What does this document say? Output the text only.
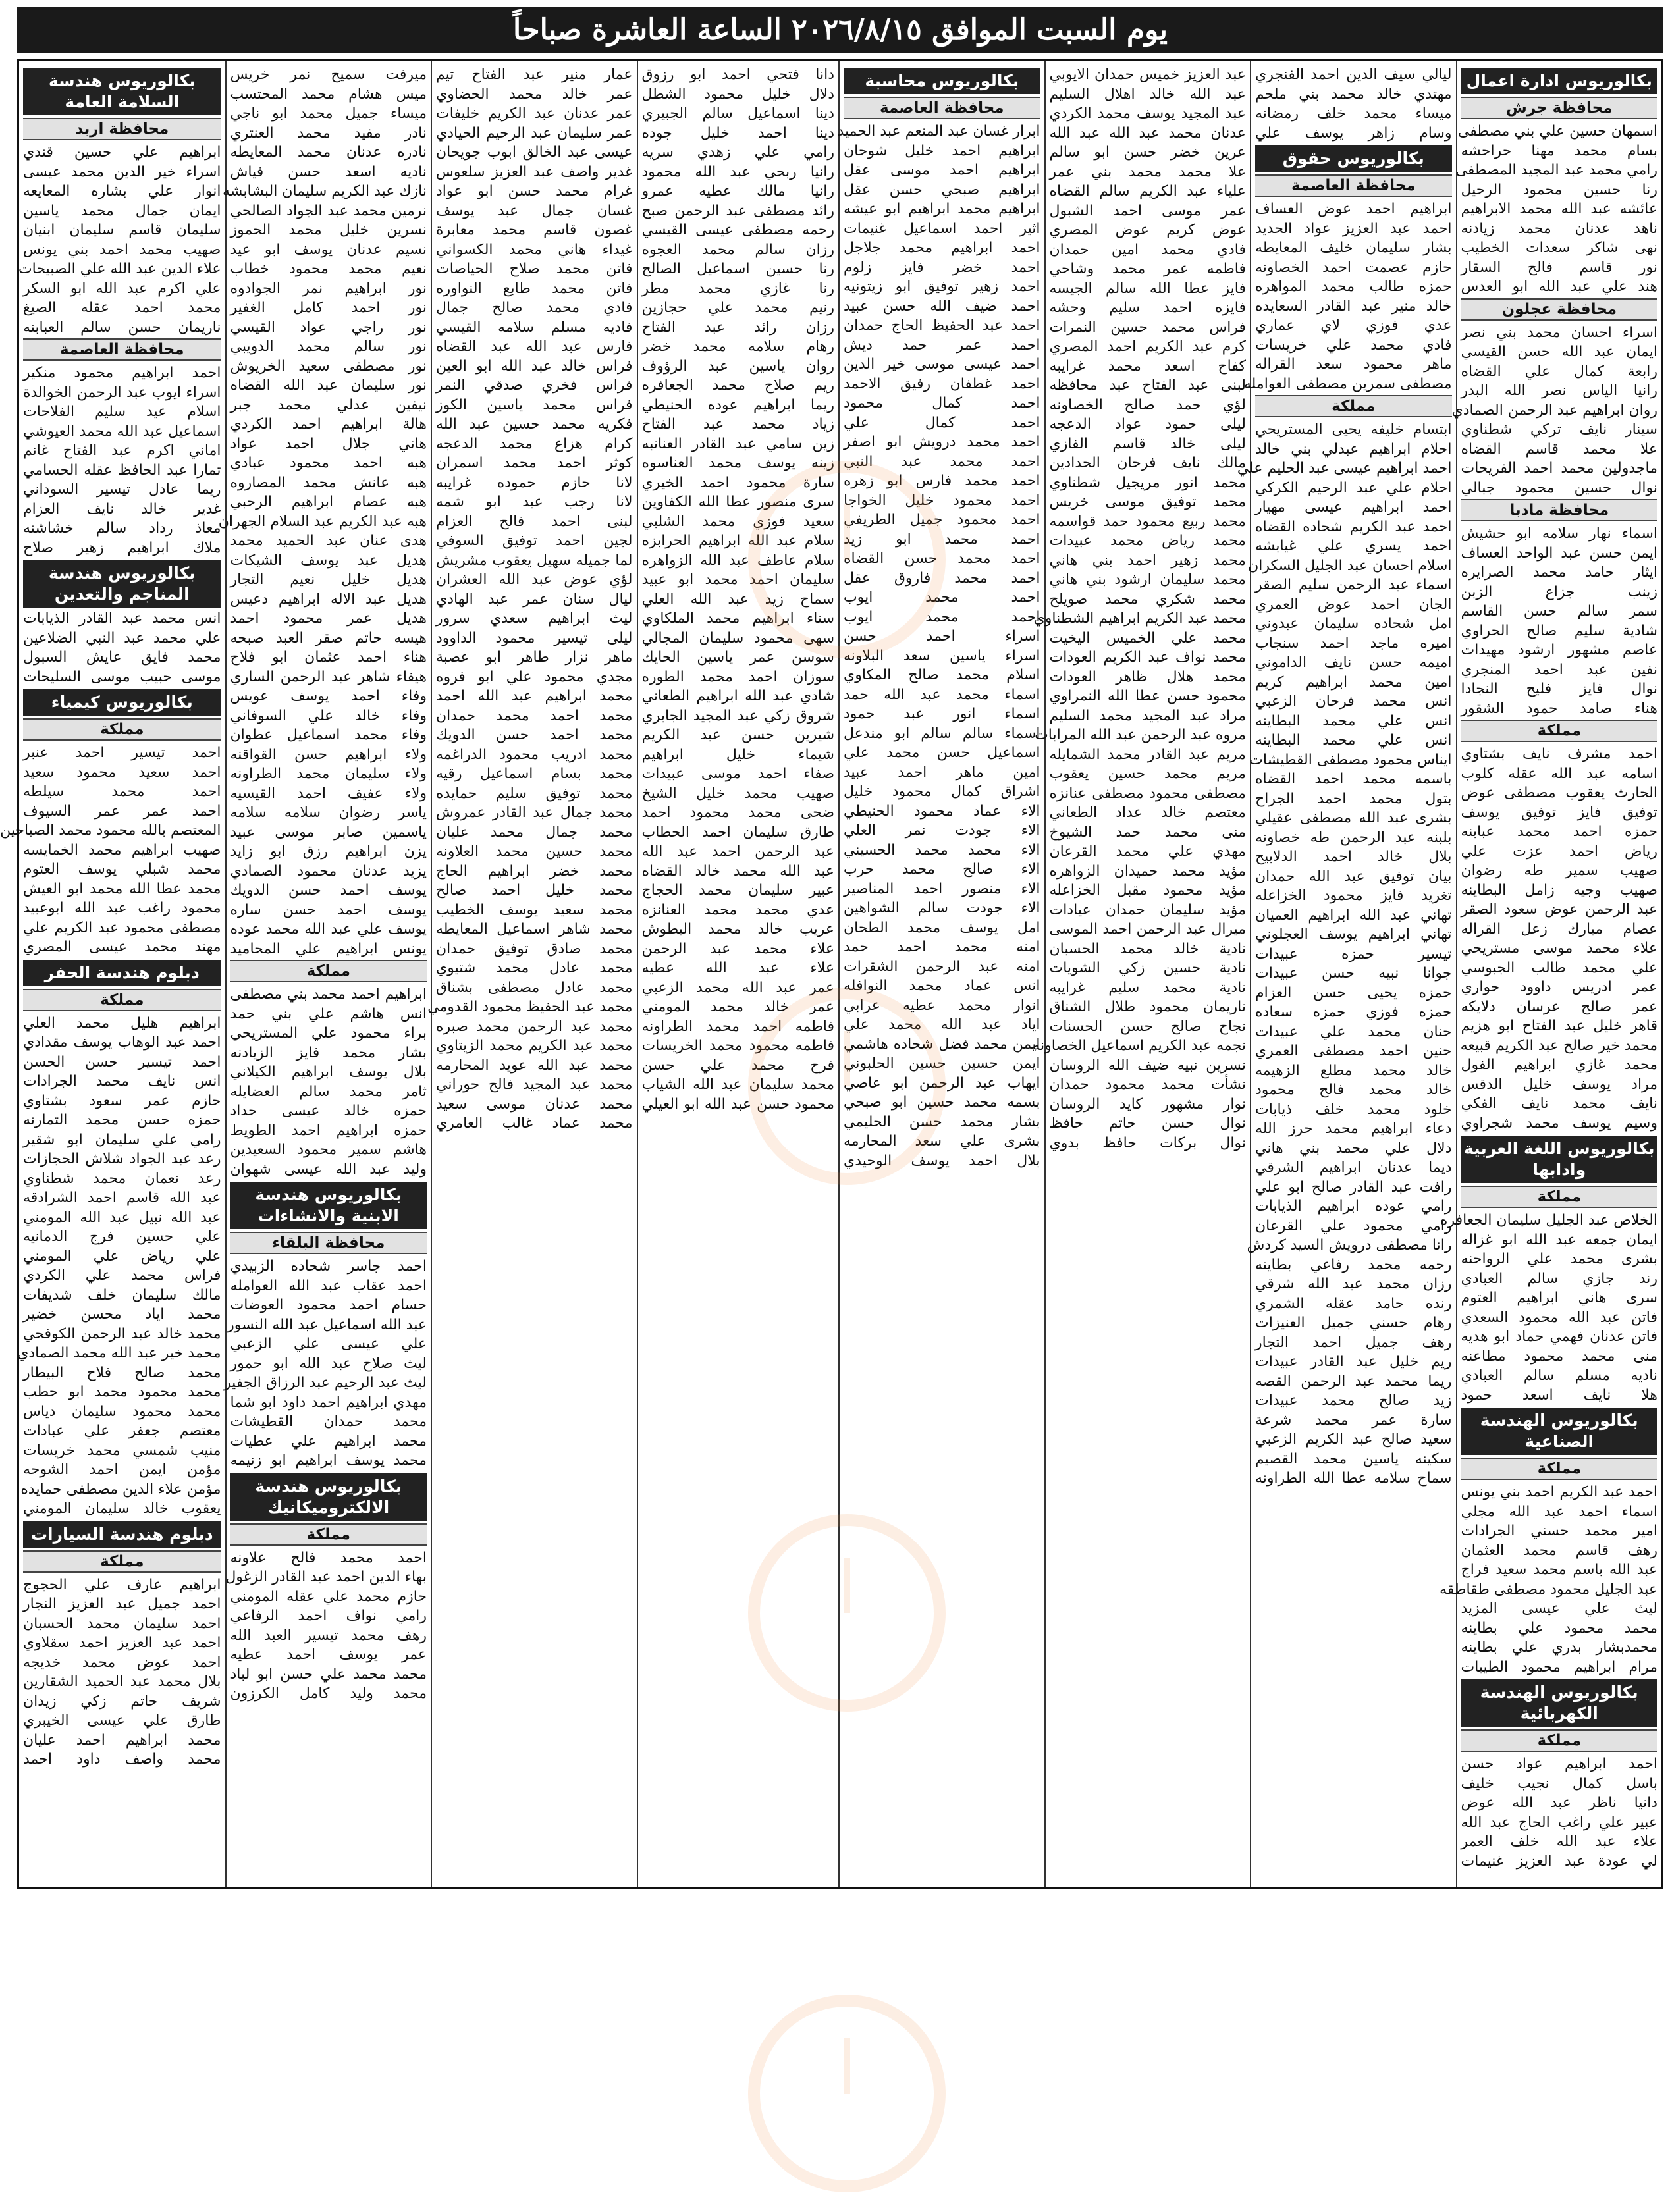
يوم السبت الموافق ٢٠٢٦/٨/١٥ الساعة العاشرة صباحاً
بكالوريوس ادارة اعمال
محافظة جرش
اسمهان حسين علي بني مصطفى
بسام محمد مهنا حراحشه
رامي محمد عبد المجيد المصطفى
رنا حسين محمود الرحيل
عائشه عبد الله محمد الابراهيم
ناهد عدنان محمد زيادنه
نهى شاكر سعدات الخطيب
نور قاسم فالح السقار
هند علي عبد الله ابو العدس
محافظة عجلون
اسراء احسان محمد بني نصر
ايمان عبد الله حسن القيسي
رابعة كمال علي القضاه
رانيا الياس نصر الله البدر
روان ابراهيم عبد الرحمن الصمادي
سينار نايف تركي شطناوي
علا محمد قاسم القضاه
ماجدولين محمد احمد الفريحات
نوال حسين محمود جبالي
محافظة مادبا
اسماء نهار سلامه ابو حشيش
ايمن حسن عبد الواحد العساف
ايثار حامد محمد الصرايره
زينب جزاع الزبن
سمر سالم حسن القاسم
شادية سليم صالح الحراوي
عاصم مشهور ارشود مهيدات
نفين عبد احمد المنجري
نوال فايز فليح النجادا
هناء صامد حمود الشقور
مملكة
احمد مشرف نايف بشتاوي
اسامه عبد الله عقله كلوب
الحارث يعقوب مصطفى عوض
توفيق فايز توفيق يوسف
حمزه احمد محمد عبابنه
رياض احمد عزت علي
صهيب سمير طه رضوان
صهيب وجيه زامل البطاينه
عبد الرحمن عوض سعود الصقر
عصام مبارك زعل القراله
علاء محمد موسى مستريحي
علي محمد طالب الجبوسي
عمر ادريس داوود حواري
عمر صالح عرسان دلايكه
قاهر خليل عبد الفتاح ابو هزيم
محمد خير صالح عبد الكريم قبيعه
محمد غازي ابراهيم الفول
مراد يوسف خليل الدقس
نايف محمد نايف الفكي
وسيم يوسف محمد شجراوي
بكالوريوس اللغة العربية وادابها
مملكة
الخلاص عبد الجليل سليمان الجعافره
ايمان جمعه عبد الله ابو غزاله
بشرى محمد علي الرواحنه
رند جازي سالم العبادي
سرى هاني ابراهيم العتوم
فاتن عبد الله محمود السعدي
فاتن عدنان فهمي حماد ابو هديه
منى محمد محمود مطاعنه
ناديه مسلم سالم العبادي
هلا نايف اسعد حمود
بكالوريوس الهندسة الصناعية
مملكة
احمد عبد الكريم احمد بني يونس
اسماء احمد عبد الله مجلي
امير محمد حسني الجرادات
رهف قاسم محمد العثمان
عبد الله باسم محمد سعيد فراج
عبد الجليل محمود مصطفى طقاطقه
ليث علي عيسى المزيد
محمد محمود علي بطاينه
محمدبشار بدري علي بطاينه
مرام ابراهيم محمود الطيبات
بكالوريوس الهندسة الكهربائية
مملكة
احمد ابراهيم عواد حسن
باسل كمال نجيب خليف
دانيا ناظر عبد الله عوض
عبير علي راغب الحاج عبد الله
علاء عبد الله خلف العمر
لي عودة عبد العزيز غنيمات
ليالي سيف الدين احمد الفنجري
مهتدي خالد محمد بني ملحم
ميساء محمد خلف رمضانه
وسام زاهر يوسف علي
بكالوريوس حقوق
محافظة العاصمة
ابراهيم احمد عوض العساف
احمد عبد العزيز عواد الحديد
بشار سليمان خليف المعايطه
حازم عصمت احمد الخصاونه
حمزه طالب محمد المواهره
خالد منير عبد القادر السعايده
عدي فوزي لاي عماري
فادي محمد علي خريسات
ماهر محمود سعد القراله
مصطفى سمرين مصطفى العوامله
مملكة
ابتسام خليفه يحيى المستريحي
احلام ابراهيم عبدلي بني خالد
احمد ابراهيم عيسى عبد الحليم علي
احلام علي عبد الرحيم الكركي
احمد ابراهيم عيسى مهيار
احمد عبد الكريم شحاده القضاه
احمد يسري علي غيابشه
اسلام احسان عبد الجليل السكران
اسماء عبد الرحمن سليم الصقر
الجان احمد عوض العمري
امل شحاده سليمان عبدوني
اميره ماجد احمد سنجاب
اميمه حسن نايف الداموني
امين محمد ابراهيم كريم
انس محمد فرحان الزعبي
انس علي محمد البطاينه
انس علي محمد البطاينه
ايناس محمود مصطفى القطيشات
باسمه محمد احمد القضاه
بتول محمد احمد الجراح
بشرى عبد الله مصطفى عقيلي
بلبنه عبد الرحمن طه خصاونه
بلال خالد احمد الدلابيح
بيان توفيق عبد الله حمدان
تغريد فايز محمود الخزاعله
تهاني عبد الله ابراهيم العميان
تهاني ابراهيم يوسف العجلوني
تيسير حمزه عبيدات
جوانا نبيه حسن عبيدات
حمزه يحيى حسن العزام
حمزه فوزي حمزه سعاده
حنان محمد علي عبيدات
حنين احمد مصطفى العمري
خالد محمد مطلع الزهيمه
خالد محمد فالح محمود
خلود محمد خلف ذيابات
دعاء ابراهيم محمد حرز الله
دلال علي محمد بني هاني
ديما عدنان ابراهيم الشرقي
رافت عبد القادر صالح ابو علي
رامي عوده ابراهيم الذيابات
رامي محمود علي القرعان
رانا مصطفى درويش السيد كردش
رحمه محمد رفاعي بطاينه
رزان محمد عبد الله شرقي
رنده حامد عقله الشمري
رهام حسني جميل العنيزات
رهف جميل احمد التجار
ريم خليل عبد القادر عبيدات
ريما محمد عبد الرحمن القصه
زيد صالح محمد عبيدات
سارة عمر محمد شرعة
سعيد صالح عبد الكريم الزعبي
سكينه ياسين محمد القصيم
سماح سلامه عطا الله الطراونه
عبد العزيز خميس حمدان الايوبي
عبد الله خالد اهلال السليم
عبد المجيد يوسف محمد الكردي
عدنان محمد عبد الله عبد الله
عرين خضر حسن ابو سالم
علا محمد محمد بني عمر
علياء عبد الكريم سالم القضاه
عمر موسى احمد الشبول
عوض كريم عوض المصري
فادي محمد امين حمدان
فاطمه عمر محمد وشاحي
فايز عطا الله سالم الجيسه
فايزه احمد سليم وحشه
فراس محمد حسين النمرات
كرم عبد الكريم احمد المصري
كفاح اسعد محمد غرايبه
لبنى عبد الفتاح عبد محافظه
لؤي حمد صالح الخصاونه
ليلى حمود عواد الدعجه
ليلى خالد قاسم الفازي
مالك نايف فرحان الحدادين
محمد انور مريجيل شطناوي
محمد توفيق موسى خريس
محمد ربيع محمود حمد قواسمه
محمد رياض محمد عبيدات
محمد زهير احمد بني هاني
محمد سليمان ارشود بني هاني
محمد شكري محمد صويلح
محمد عبد الكريم ابراهيم الشطناوي
محمد علي الخميس اليخيت
محمد نواف عبد الكريم العودات
محمد هلال ظاهر العودات
محمود حسن عطا الله النمراوي
مراد عبد المجيد محمد السليم
مروه عبد الرحمن عبد الله المرابات
مريم عبد القادر محمد الشمايله
مريم محمد حسين يعقوب
مصطفى محمود مصطفى عنانزه
معتصم خالد عداد الطعاني
منى محمد حمد الشيوخ
مهدي علي محمد القرعان
مؤيد محمد حميدان الزواهره
مؤيد محمود مقبل الخزاعله
مؤيد سليمان حمدان عيادات
ميرال عبد الرحمن احمد الموسى
نادية خالد محمد الحسبان
نادية حسين زكي الشويات
نادية محمد سليم غرايبه
ناريمان محمود طلال الشناق
نجاح صالح حسن الحسنات
نجمه عبد الكريم اسماعيل الخصاونه
نسرين نبيه ضيف الله الروسان
نشأت محمد محمود حمدان
نوار مشهور كايد الروسان
نوال حسن حاتم حافظ
نوال بركات حافظ بدوي
بكالوريوس محاسبة
محافظة العاصمة
ابرار غسان عبد المنعم عبد الحميد
ابراهيم احمد خليل شوحان
ابراهيم احمد موسى عقل
ابراهيم صبحي حسن عقل
ابراهيم محمد ابراهيم ابو عيشه
اثير احمد اسماعيل غنيمات
احمد ابراهيم محمد جلاجل
احمد خضر فايز زلوم
احمد زهير توفيق ابو زيتونيه
احمد ضيف الله حسن عبيد
احمد عبد الحفيظ الحاج حمدان
احمد عمر حمد ديش
احمد عيسى موسى خير الدين
احمد غطفان رفيق الاحمد
احمد كمال محمود
احمد كمال علي
احمد محمد درويش ابو اصفر
احمد محمد عبد النبي
احمد محمد فارس ابو زهره
احمد محمود خليل الخواجا
احمد محمود جميل الطريفي
احمد محمد ابو زيد
احمد محمد حسن القضاه
احمد محمد فاروق عقل
احمد محمد ايوب
احمد محمد ايوب
اسراء احمد حسن
اسراء ياسين سعد البلاونه
اسلام محمد صالح المكاوي
اسماء محمد عبد الله حمد
اسماء انور عبد حمود
اسماء سالم سالم ابو مندعل
اسماعيل حسن محمد علي
امين ماهر احمد عبيد
اشراق كمال محمود خليل
الاء عماد محمود الحنيطي
الاء جودت نمر العلي
الاء محمد محمد الحسيني
الاء صالح محمد حرب
الاء منصور احمد المناصير
الاء جودت سالم الشواهين
امل يوسف محمد الطحان
امنه محمد احمد حمد
امنه عبد الرحمن الشقرات
انس عماد محمد النوافله
انوار محمد عطيه عرابي
اياد عبد الله محمد علي
ايمن محمد فضل شحاده هاشمي
ايمن حسين حسين الحلبوني
ايهاب عبد الرحمن ابو عاصي
بسمه محمد حسين ابو صبحي
بشار محمد حسن الحليمي
بشرى علي سعد المحارمه
بلال احمد يوسف الوحيدي
دانا فتحي احمد ابو رزوق
دلال خليل محمود الشطل
دينا اسماعيل سالم الجبيري
دينا احمد خليل جوده
رامي علي زهدي سريه
رانيا ربحي عبد الله محمود
رانيا مالك عطيه عمرو
رائد مصطفى عبد الرحمن صبح
رحمه مصطفى عيسى القيسي
رزان سالم محمد العجوه
رنا حسين اسماعيل الصالح
رنا غازي محمد مطر
رنيم محمد علي حجازين
رزان رائد عبد الفتاح
رهام سلامه محمد خضر
روان ياسين عبد الرؤوف
ريم صلاح محمد الجعافره
ريما ابراهيم عوده الحنيطي
زياد محمد عبد الفتاح
زين سامي عبد القادر العنانبه
زينه يوسف محمد العناسوه
سارة محمود احمد الخيري
سرى منصور عطا الله الكفاوين
سعيد فوزي محمد الشلبي
سلام عبد الله ابراهيم الحرابزه
سلام عاطف عبد الله الزواهره
سليمان احمد محمد ابو عبيد
سماح زيد عبد الله العلي
سناء ابراهيم محمد الملكاوي
سهى محمود سليمان المجالي
سوسن عمر ياسين الحايك
سوزان احمد محمد الطوره
شادي عبد الله ابراهيم الطعاني
شروق زكي عبد المجيد الجابري
شيرين حسن عبد الكريم
شيماء خليل ابراهيم
صفاء احمد موسى عبيدات
صهيب محمد خليل الشيخ
ضحى محمد محمود احمد
طارق سليمان احمد الحطاب
عبد الرحمن احمد عبد الله
عبد الله محمد خالد القضاه
عبير سليمان محمد الحجاج
عدي محمد محمد العنانزه
عريب خالد محمد البطوش
علاء محمد عبد الرحمن
علاء عبد الله عطيه
عمر عبد الله محمد الزعبي
عمر خالد محمد المومني
فاطمه احمد محمد الطراونه
فاطمه محمود محمد الخريسات
فرح محمد علي حسن
محمد سليمان عبد الله الشياب
محمود حسن عبد الله ابو العيلي
عمار منير عبد الفتاح تيم
عمر خالد محمد الحضاوي
عمر عدنان عبد الكريم خليفات
عمر سليمان عبد الرحيم الحيادي
عيسى عبد الخالق ابوب جويحان
غدير واصف عبد العزيز سلعوس
غرام محمد حسن ابو عواد
غسان جمال عبد يوسف
غصون قاسم محمد معابرة
غيداء هاني محمد الكسواني
فاتن محمد صلاح الحياصات
فاتن محمد طابع النواوره
فادي محمد صالح جمال
فاديه مسلم سلامه القيسي
فارس عبد الله عبد القضاه
فراس خالد عبد الله ابو العين
فراس فخري صدقي النمر
فراس محمد ياسين الكوز
فكريه محمد حسين عبد الله
كرام هزاع محمد الدعجه
كوثر احمد محمد اسمران
لانا حازم حموده غرايبه
لانا رجب عبد ابو شمه
لبنى احمد فالح العزام
لجين احمد توفيق السوفي
لما جميله سهيل يعقوب مشريش
لؤي عوض عبد الله العشران
ليال سنان عمر عبد الهادي
ليث ابراهيم سعدي سرور
ليلى تيسير محمود الداوود
ماهر نزار طاهر ابو عصبة
مجدي محمود علي ابو فروه
محمد ابراهيم عبد الله احمد
محمد احمد محمد حمدان
محمد احمد حسن الدويك
محمد ادريب محمود الدراغمه
محمد بسام اسماعيل رقيه
محمد توفيق سليم حمايده
محمد جمال عبد القادر عمروش
محمد جمال محمد عليان
محمد حسين محمد العلاونه
محمد خضر ابراهيم الحاج
محمد خليل احمد صالح
محمد سعيد يوسف الخطيب
محمد شاهر اسماعيل المعايطه
محمد صادق توفيق حمدان
محمد عادل محمد شتيوي
محمد عادل مصطفى بشناق
محمد عبد الحفيظ محمود القدومي
محمد عبد الرحمن محمد صبره
محمد عبد الكريم محمد الزيتاوي
محمد عبد الله عويد المحارمه
محمد عبد المجيد فالح حوراني
محمد عدنان موسى سعيد
محمد عماد غالب العامري
ميرفت سميح نمر خريس
ميس هشام محمد المحتسب
ميساء جميل محمد ابو ناجي
نادر مفيد محمد العنتري
نادره عدنان محمد المعايطه
ناديه اسعد حسن فياش
نازك عبد الكريم سليمان البشابشه
نرمين محمد عبد الجواد الصالحي
نسرين خليل محمد الحموز
نسيم عدنان يوسف ابو عيد
نعيم محمد محمود خطاب
نور ابراهيم نمر الجوادوه
نور احمد كامل الغفير
نور راجي عواد القيسي
نور سالم محمد الدويبي
نور مصطفى سعيد الخريوش
نور سليمان عبد الله القضاه
نيفين عدلي محمد جبر
هالة ابراهيم احمد الكردي
هاني جلال احمد عواد
هبه احمد محمود عبادي
هبه عانش محمد المصاروه
هبه عصام ابراهيم الرحبي
هبه عبد الكريم عبد السلام الجهران
هدى عنان عبد الحميد محمد
هديل عبد يوسف الشيكات
هديل خليل نعيم التجار
هديل عبد الاله ابراهيم دعيس
هديل عمر محمود احمد
هيسه حاتم صقر العبد صبحه
هناء احمد عثمان ابو فلاح
هيفاء شاهر عبد الرحمن الساري
وفاء احمد يوسف عويس
وفاء خالد علي السوفاني
وفاء محمد اسماعيل عطوان
ولاء ابراهيم حسن القواقنه
ولاء سليمان محمد الطراونه
ولاء عفيف احمد القيسيه
ياسر رضوان سلامه سلامه
ياسمين صابر موسى عبيد
يزن ابراهيم رزق ابو زايد
يزيد عدنان محمود الصمادي
يوسف احمد حسن الدويك
يوسف احمد حسن ساره
يوسف علي عبد الله محمد عوده
يونس ابراهيم علي المحاميد
مملكة
ابراهيم احمد محمد بني مصطفى
انس هاشم علي بني حمد
براء محمود علي المستريحي
بشار محمد فايز الزيادنه
بلال يوسف ابراهيم الكيلاني
ثامر محمد سالم العضايله
حمزه خالد عيسى حداد
حمزه ابراهيم احمد الطويط
هاشم سمير محمود السعيدين
وليد عبد الله عيسى شهوان
بكالوريوس هندسة الابنية والانشاءات
محافظة البلقاء
احمد جاسر شحاده الزبيدي
احمد عقاب عبد الله العوامله
حسام احمد محمود العوضات
عبد الله اسماعيل عبد الله النسور
علي عيسى علي الزعبي
ليث صلاح عبد الله ابو حمور
ليث عبد الرحيم عبد الرزاق الجفير
مهدي ابراهيم احمد داود ابو شما
محمد حمدان القطيشات
محمد ابراهيم علي عطيات
محمد يوسف ابراهيم ابو زنيمه
بكالوريوس هندسة الالكتروميكانيك
مملكة
احمد محمد فالح علاونه
بهاء الدين احمد عبد القادر الزغول
حازم محمد علي عقله المومني
رامي نواف احمد الرفاعي
رهف محمد تيسير العبد الله
عمر يوسف احمد عطيه
محمد محمد علي حسن ابو لباد
محمد وليد كامل الكرزون
بكالوريوس هندسة السلامة العامة
محافظة اربد
ابراهيم علي حسين قندي
اسراء خير الدين محمد عيسى
انوار علي بشاره المعايعه
ايمان جمال محمد ياسين
سليمان قاسم سليمان ابنيان
صهيب محمد احمد بني يونس
علاء الدين عبد الله علي الصبيحات
علي اكرم عبد الله ابو السكر
محمد احمد عقله الصيغ
ناريمان حسن سالم العبابنه
محافظة العاصمة
احمد ابراهيم محمود منكير
اسراء ايوب عبد الرحمن الخوالدة
اسلام عيد سليم الفلاحات
اسماعيل عبد الله محمد العيوشي
اماني اكرم عبد الفتاح غانم
تمارا عبد الحافظ عقله الحسامي
ريما عادل تيسير السوداني
غدير خالد نايف العزام
معاذ رداد سالم خشاشنه
ملاك ابراهيم زهير صلاح
بكالوريوس هندسة المناجم والتعدين
انس محمد عبد القادر الذيابات
علي محمد عبد النبي الضلاعين
محمد فايق عايش السبول
موسى حبيب موسى السليحات
بكالوريوس كيمياء
مملكة
احمد تيسير احمد عنبر
احمد سعيد محمود سعيد
احمد محمد سيلطه
احمد عمر عمر السيوف
المعتصم بالله محمود محمد الصباحين
صهيب ابراهيم محمد الخمايسه
محمد شبلي يوسف العتوم
محمد عطا الله محمد ابو العيش
محمود راغب عبد الله ابوعبيد
مصطفى محمود عبد الكريم علي
مهند محمد عيسى المصري
دبلوم هندسة الحفر
مملكة
ابراهيم هليل محمد العلي
احمد عبد الوهاب يوسف مقدادي
احمد تيسير حسن الحسن
انس نايف محمد الجرادات
حازم عمر سعود بشتاوي
حمزه حسن محمد التمارنه
رامي علي سليمان ابو شقير
رعد عبد الجواد شلاش الحجازات
رعد نعمان محمد شطناوي
عبد الله قاسم احمد الشرادقه
عبد الله نبيل عبد الله المومني
علي حسين فرج الدمانيه
علي رياض علي المومني
فراس محمد علي الكردي
مالك سليمان خلف شديفات
محمد اياد محسن خضير
محمد خالد عبد الرحمن الكوفحي
محمد خير عبد الله محمد الصمادي
محمد صالح فلاح البيطار
محمد محمود محمد ابو حطب
محمد محمود سليمان دياس
معتصم جعفر علي عبادات
منيب شمسي محمد خريسات
مؤمن ايمن احمد الشوحه
مؤمن علاء الدين مصطفى حمايده
يعقوب خالد سليمان المومني
دبلوم هندسة السيارات
مملكة
ابراهيم عارف علي الحجوج
احمد جميل عبد العزيز النجار
احمد سليمان محمد الحسبان
احمد عبد العزيز احمد سقلاوي
احمد عوض محمد خديجه
بلال محمد عبد الحميد الشقارين
شريف حاتم زكي زيدان
طارق علي عيسى الخيبري
محمد ابراهيم احمد عليان
محمد واصف داود احمد
